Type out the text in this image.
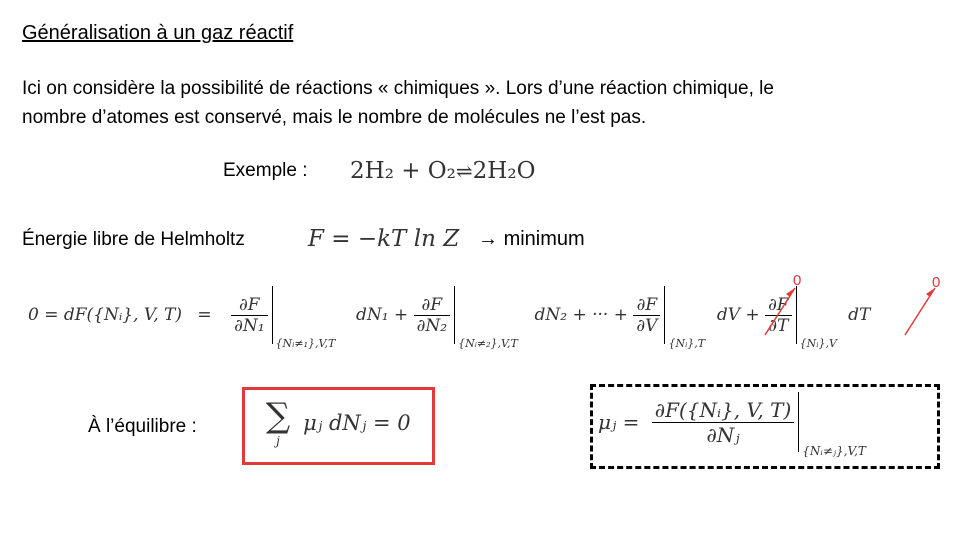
Généralisation à un gaz réactif
Ici on considère la possibilité de réactions « chimiques ». Lors d’une réaction chimique, le
nombre d’atomes est conservé, mais le nombre de molécules ne l’est pas.
Exemple : 2H₂ + O₂⇌2H₂O
Énergie libre de Helmholtz	F = −kT ln Z → minimum
0 = dF({Nᵢ}, V, $T) = \frac{\partial F}{\text{∂N₁}}$
{Nᵢ≠₁},V,T
$dN_1 + \frac{\partial F}{\text{∂N₂}}$
{Nᵢ≠₂},V,T
dN₂ + ··· + $\frac{\partial F}{\partial V}$
{Nᵢ},T
dV + $\frac{\partial F}{\partial T}$
{Nᵢ},V
dT
0	0
À l’équilibre : ∑
j
μⱼ dNⱼ = 0	μⱼ = $\frac{\text{∂F(\{Nᵢ\}, V, T)}}{\text{∂Nⱼ}}$
{Nᵢ≠ⱼ},V,T
